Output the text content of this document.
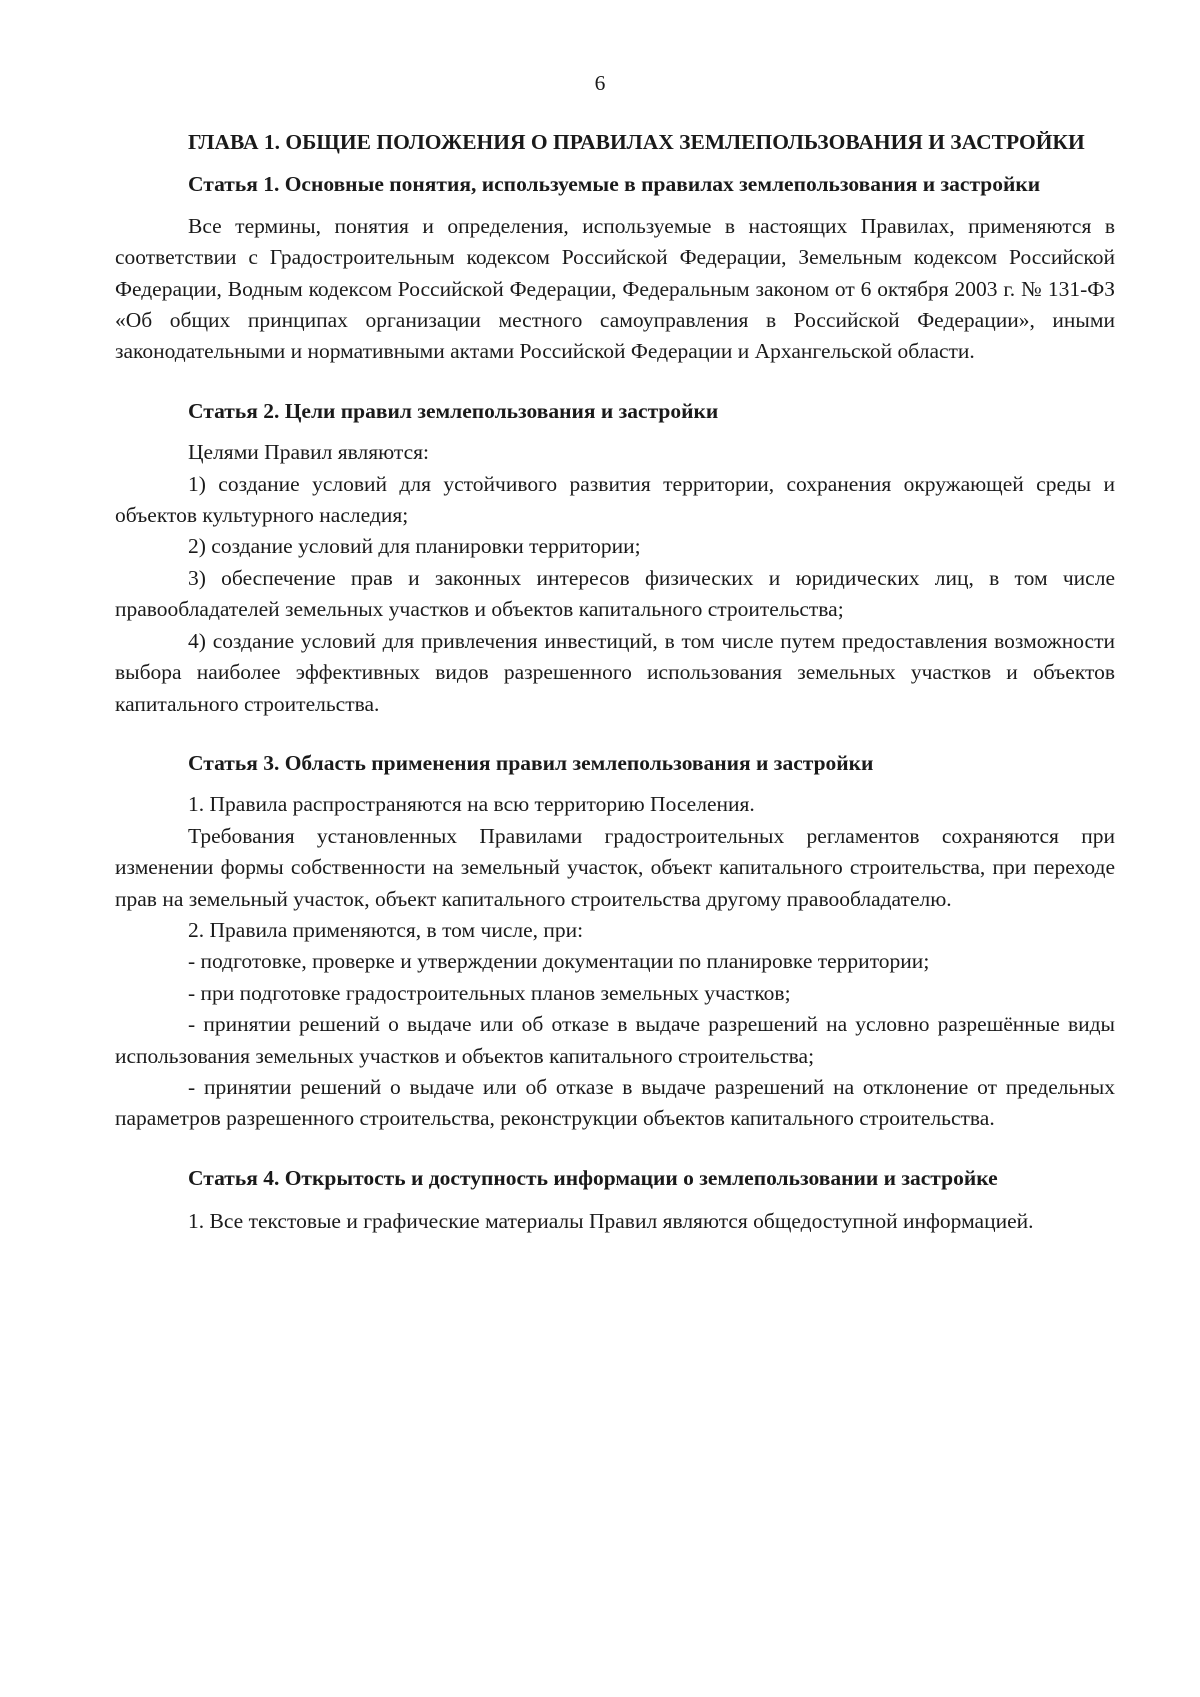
6
ГЛАВА 1. ОБЩИЕ ПОЛОЖЕНИЯ О ПРАВИЛАХ ЗЕМЛЕПОЛЬЗОВАНИЯ И ЗАСТРОЙКИ
Статья 1. Основные понятия, используемые в правилах землепользования и застройки

Все термины, понятия и определения, используемые в настоящих Правилах, применяются в соответствии с Градостроительным кодексом Российской Федерации, Земельным кодексом Российской Федерации, Водным кодексом Российской Федерации, Федеральным законом от 6 октября 2003 г. № 131-ФЗ «Об общих принципах организации местного самоуправления в Российской Федерации», иными законодательными и нормативными актами Российской Федерации и Архангельской области.

Статья 2. Цели правил землепользования и застройки

Целями Правил являются:

1) создание условий для устойчивого развития территории, сохранения окружающей среды и объектов культурного наследия;

2) создание условий для планировки территории;

3) обеспечение прав и законных интересов физических и юридических лиц, в том числе правообладателей земельных участков и объектов капитального строительства;

4) создание условий для привлечения инвестиций, в том числе путем предоставления возможности выбора наиболее эффективных видов разрешенного использования земельных участков и объектов капитального строительства.

Статья 3. Область применения правил землепользования и застройки

1. Правила распространяются на всю территорию Поселения.

Требования установленных Правилами градостроительных регламентов сохраняются при изменении формы собственности на земельный участок, объект капитального строительства, при переходе прав на земельный участок, объект капитального строительства другому правообладателю.

2. Правила применяются, в том числе, при:

- подготовке, проверке и утверждении документации по планировке территории;

- при подготовке градостроительных планов земельных участков;

- принятии решений о выдаче или об отказе в выдаче разрешений на условно разрешённые виды использования земельных участков и объектов капитального строительства;

- принятии решений о выдаче или об отказе в выдаче разрешений на отклонение от предельных параметров разрешенного строительства, реконструкции объектов капитального строительства.

Статья 4. Открытость и доступность информации о землепользовании и застройке

1. Все текстовые и графические материалы Правил являются общедоступной информацией.
